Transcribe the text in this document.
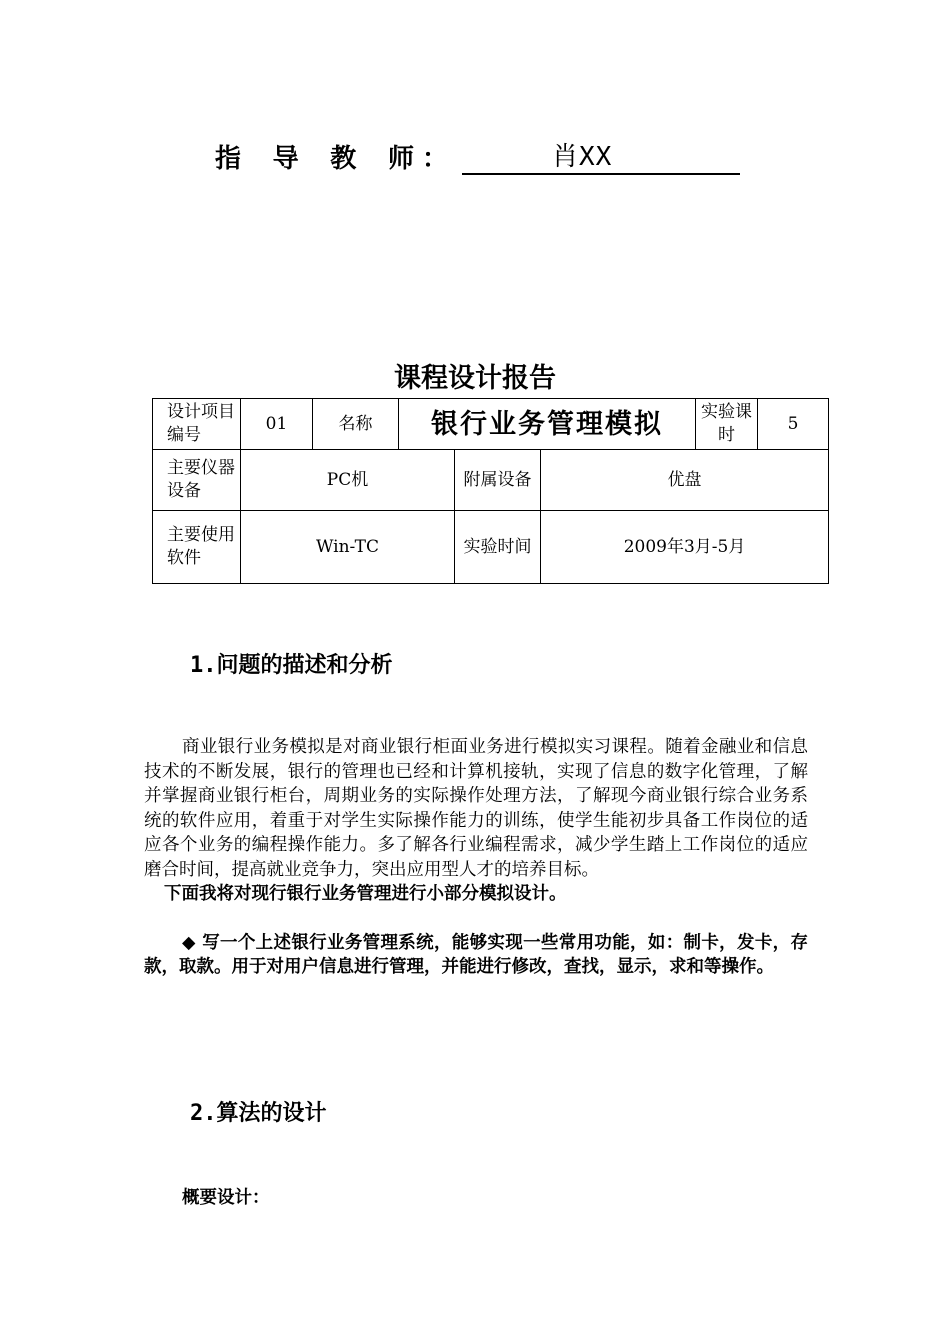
指 导 教 师：	肖XX
课程设计报告
设计项目编号	01	名称	银行业务管理模拟			实验课时	5
主要仪器设备	PC机			附属设备	优盘		
主要使用软件	Win-TC			实验时间	2009年3月-5月		
1.问题的描述和分析

商业银行业务模拟是对商业银行柜面业务进行模拟实习课程。随着金融业和信息技术的不断发展，银行的管理也已经和计算机接轨，实现了信息的数字化管理，了解并掌握商业银行柜台，周期业务的实际操作处理方法，了解现今商业银行综合业务系统的软件应用，着重于对学生实际操作能力的训练，使学生能初步具备工作岗位的适应各个业务的编程操作能力。多了解各行业编程需求，减少学生踏上工作岗位的适应磨合时间，提高就业竞争力，突出应用型人才的培养目标。

下面我将对现行银行业务管理进行小部分模拟设计。

◆ 写一个上述银行业务管理系统，能够实现一些常用功能，如：制卡，发卡，存款，取款。用于对用户信息进行管理，并能进行修改，查找，显示，求和等操作。

2.算法的设计
概要设计：
